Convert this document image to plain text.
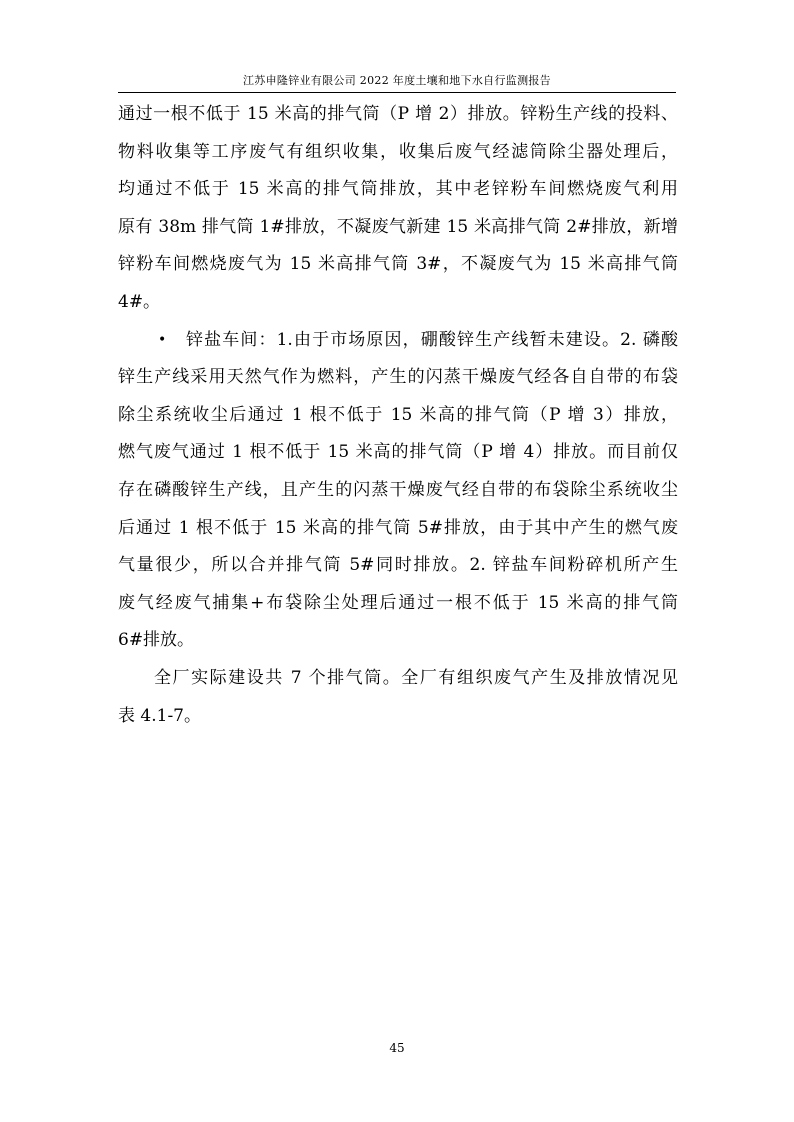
江苏申隆锌业有限公司 2022 年度土壤和地下水自行监测报告
通过一根不低于 15 米高的排气筒（P 增 2）排放。锌粉生产线的投料、
物料收集等工序废气有组织收集，收集后废气经滤筒除尘器处理后，
均通过不低于 15 米高的排气筒排放，其中老锌粉车间燃烧废气利用
原有 38m 排气筒 1#排放，不凝废气新建 15 米高排气筒 2#排放，新增
锌粉车间燃烧废气为 15 米高排气筒 3#，不凝废气为 15 米高排气筒
4#。
•	锌盐车间：1.由于市场原因，硼酸锌生产线暂未建设。2. 磷酸
锌生产线采用天然气作为燃料，产生的闪蒸干燥废气经各自自带的布袋
除尘系统收尘后通过 1 根不低于 15 米高的排气筒（P 增 3）排放，
燃气废气通过 1 根不低于 15 米高的排气筒（P 增 4）排放。而目前仅
存在磷酸锌生产线，且产生的闪蒸干燥废气经自带的布袋除尘系统收尘
后通过 1 根不低于 15 米高的排气筒 5#排放，由于其中产生的燃气废
气量很少，所以合并排气筒 5#同时排放。2. 锌盐车间粉碎机所产生
废气经废气捕集+布袋除尘处理后通过一根不低于 15 米高的排气筒
6#排放。
全厂实际建设共 7 个排气筒。全厂有组织废气产生及排放情况见
表 4.1-7。
45
